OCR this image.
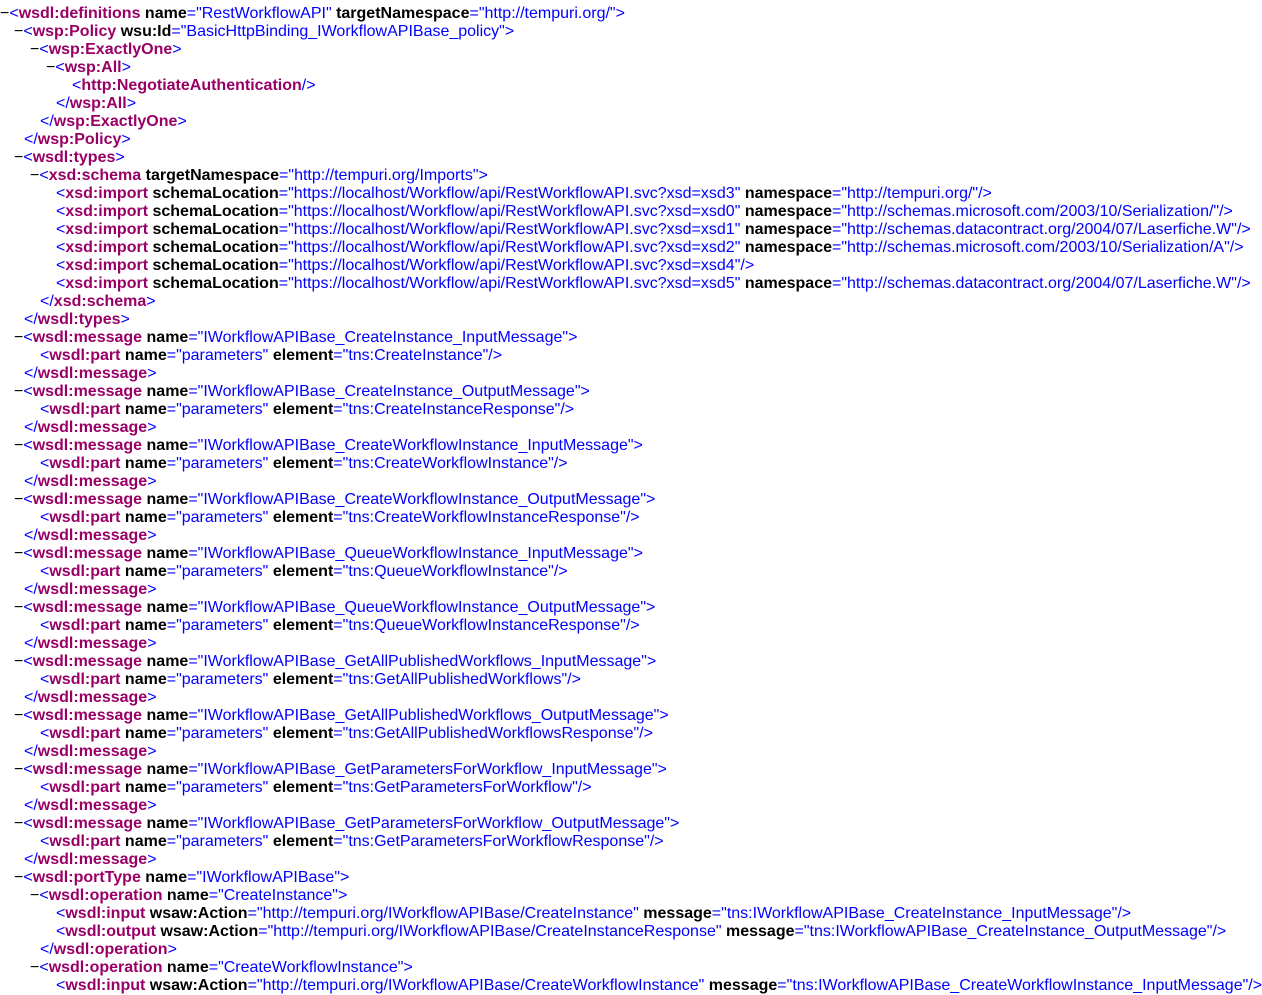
−<wsdl:definitions name="RestWorkflowAPI" targetNamespace="http://tempuri.org/">
−<wsp:Policy wsu:Id="BasicHttpBinding_IWorkflowAPIBase_policy">
−<wsp:ExactlyOne>
−<wsp:All>
<http:NegotiateAuthentication/>
</wsp:All>
</wsp:ExactlyOne>
</wsp:Policy>
−<wsdl:types>
−<xsd:schema targetNamespace="http://tempuri.org/Imports">
<xsd:import schemaLocation="https://localhost/Workflow/api/RestWorkflowAPI.svc?xsd=xsd3" namespace="http://tempuri.org/"/>
<xsd:import schemaLocation="https://localhost/Workflow/api/RestWorkflowAPI.svc?xsd=xsd0" namespace="http://schemas.microsoft.com/2003/10/Serialization/"/>
<xsd:import schemaLocation="https://localhost/Workflow/api/RestWorkflowAPI.svc?xsd=xsd1" namespace="http://schemas.datacontract.org/2004/07/Laserfiche.W"/>
<xsd:import schemaLocation="https://localhost/Workflow/api/RestWorkflowAPI.svc?xsd=xsd2" namespace="http://schemas.microsoft.com/2003/10/Serialization/A"/>
<xsd:import schemaLocation="https://localhost/Workflow/api/RestWorkflowAPI.svc?xsd=xsd4"/>
<xsd:import schemaLocation="https://localhost/Workflow/api/RestWorkflowAPI.svc?xsd=xsd5" namespace="http://schemas.datacontract.org/2004/07/Laserfiche.W"/>
</xsd:schema>
</wsdl:types>
−<wsdl:message name="IWorkflowAPIBase_CreateInstance_InputMessage">
<wsdl:part name="parameters" element="tns:CreateInstance"/>
</wsdl:message>
−<wsdl:message name="IWorkflowAPIBase_CreateInstance_OutputMessage">
<wsdl:part name="parameters" element="tns:CreateInstanceResponse"/>
</wsdl:message>
−<wsdl:message name="IWorkflowAPIBase_CreateWorkflowInstance_InputMessage">
<wsdl:part name="parameters" element="tns:CreateWorkflowInstance"/>
</wsdl:message>
−<wsdl:message name="IWorkflowAPIBase_CreateWorkflowInstance_OutputMessage">
<wsdl:part name="parameters" element="tns:CreateWorkflowInstanceResponse"/>
</wsdl:message>
−<wsdl:message name="IWorkflowAPIBase_QueueWorkflowInstance_InputMessage">
<wsdl:part name="parameters" element="tns:QueueWorkflowInstance"/>
</wsdl:message>
−<wsdl:message name="IWorkflowAPIBase_QueueWorkflowInstance_OutputMessage">
<wsdl:part name="parameters" element="tns:QueueWorkflowInstanceResponse"/>
</wsdl:message>
−<wsdl:message name="IWorkflowAPIBase_GetAllPublishedWorkflows_InputMessage">
<wsdl:part name="parameters" element="tns:GetAllPublishedWorkflows"/>
</wsdl:message>
−<wsdl:message name="IWorkflowAPIBase_GetAllPublishedWorkflows_OutputMessage">
<wsdl:part name="parameters" element="tns:GetAllPublishedWorkflowsResponse"/>
</wsdl:message>
−<wsdl:message name="IWorkflowAPIBase_GetParametersForWorkflow_InputMessage">
<wsdl:part name="parameters" element="tns:GetParametersForWorkflow"/>
</wsdl:message>
−<wsdl:message name="IWorkflowAPIBase_GetParametersForWorkflow_OutputMessage">
<wsdl:part name="parameters" element="tns:GetParametersForWorkflowResponse"/>
</wsdl:message>
−<wsdl:portType name="IWorkflowAPIBase">
−<wsdl:operation name="CreateInstance">
<wsdl:input wsaw:Action="http://tempuri.org/IWorkflowAPIBase/CreateInstance" message="tns:IWorkflowAPIBase_CreateInstance_InputMessage"/>
<wsdl:output wsaw:Action="http://tempuri.org/IWorkflowAPIBase/CreateInstanceResponse" message="tns:IWorkflowAPIBase_CreateInstance_OutputMessage"/>
</wsdl:operation>
−<wsdl:operation name="CreateWorkflowInstance">
<wsdl:input wsaw:Action="http://tempuri.org/IWorkflowAPIBase/CreateWorkflowInstance" message="tns:IWorkflowAPIBase_CreateWorkflowInstance_InputMessage"/>
